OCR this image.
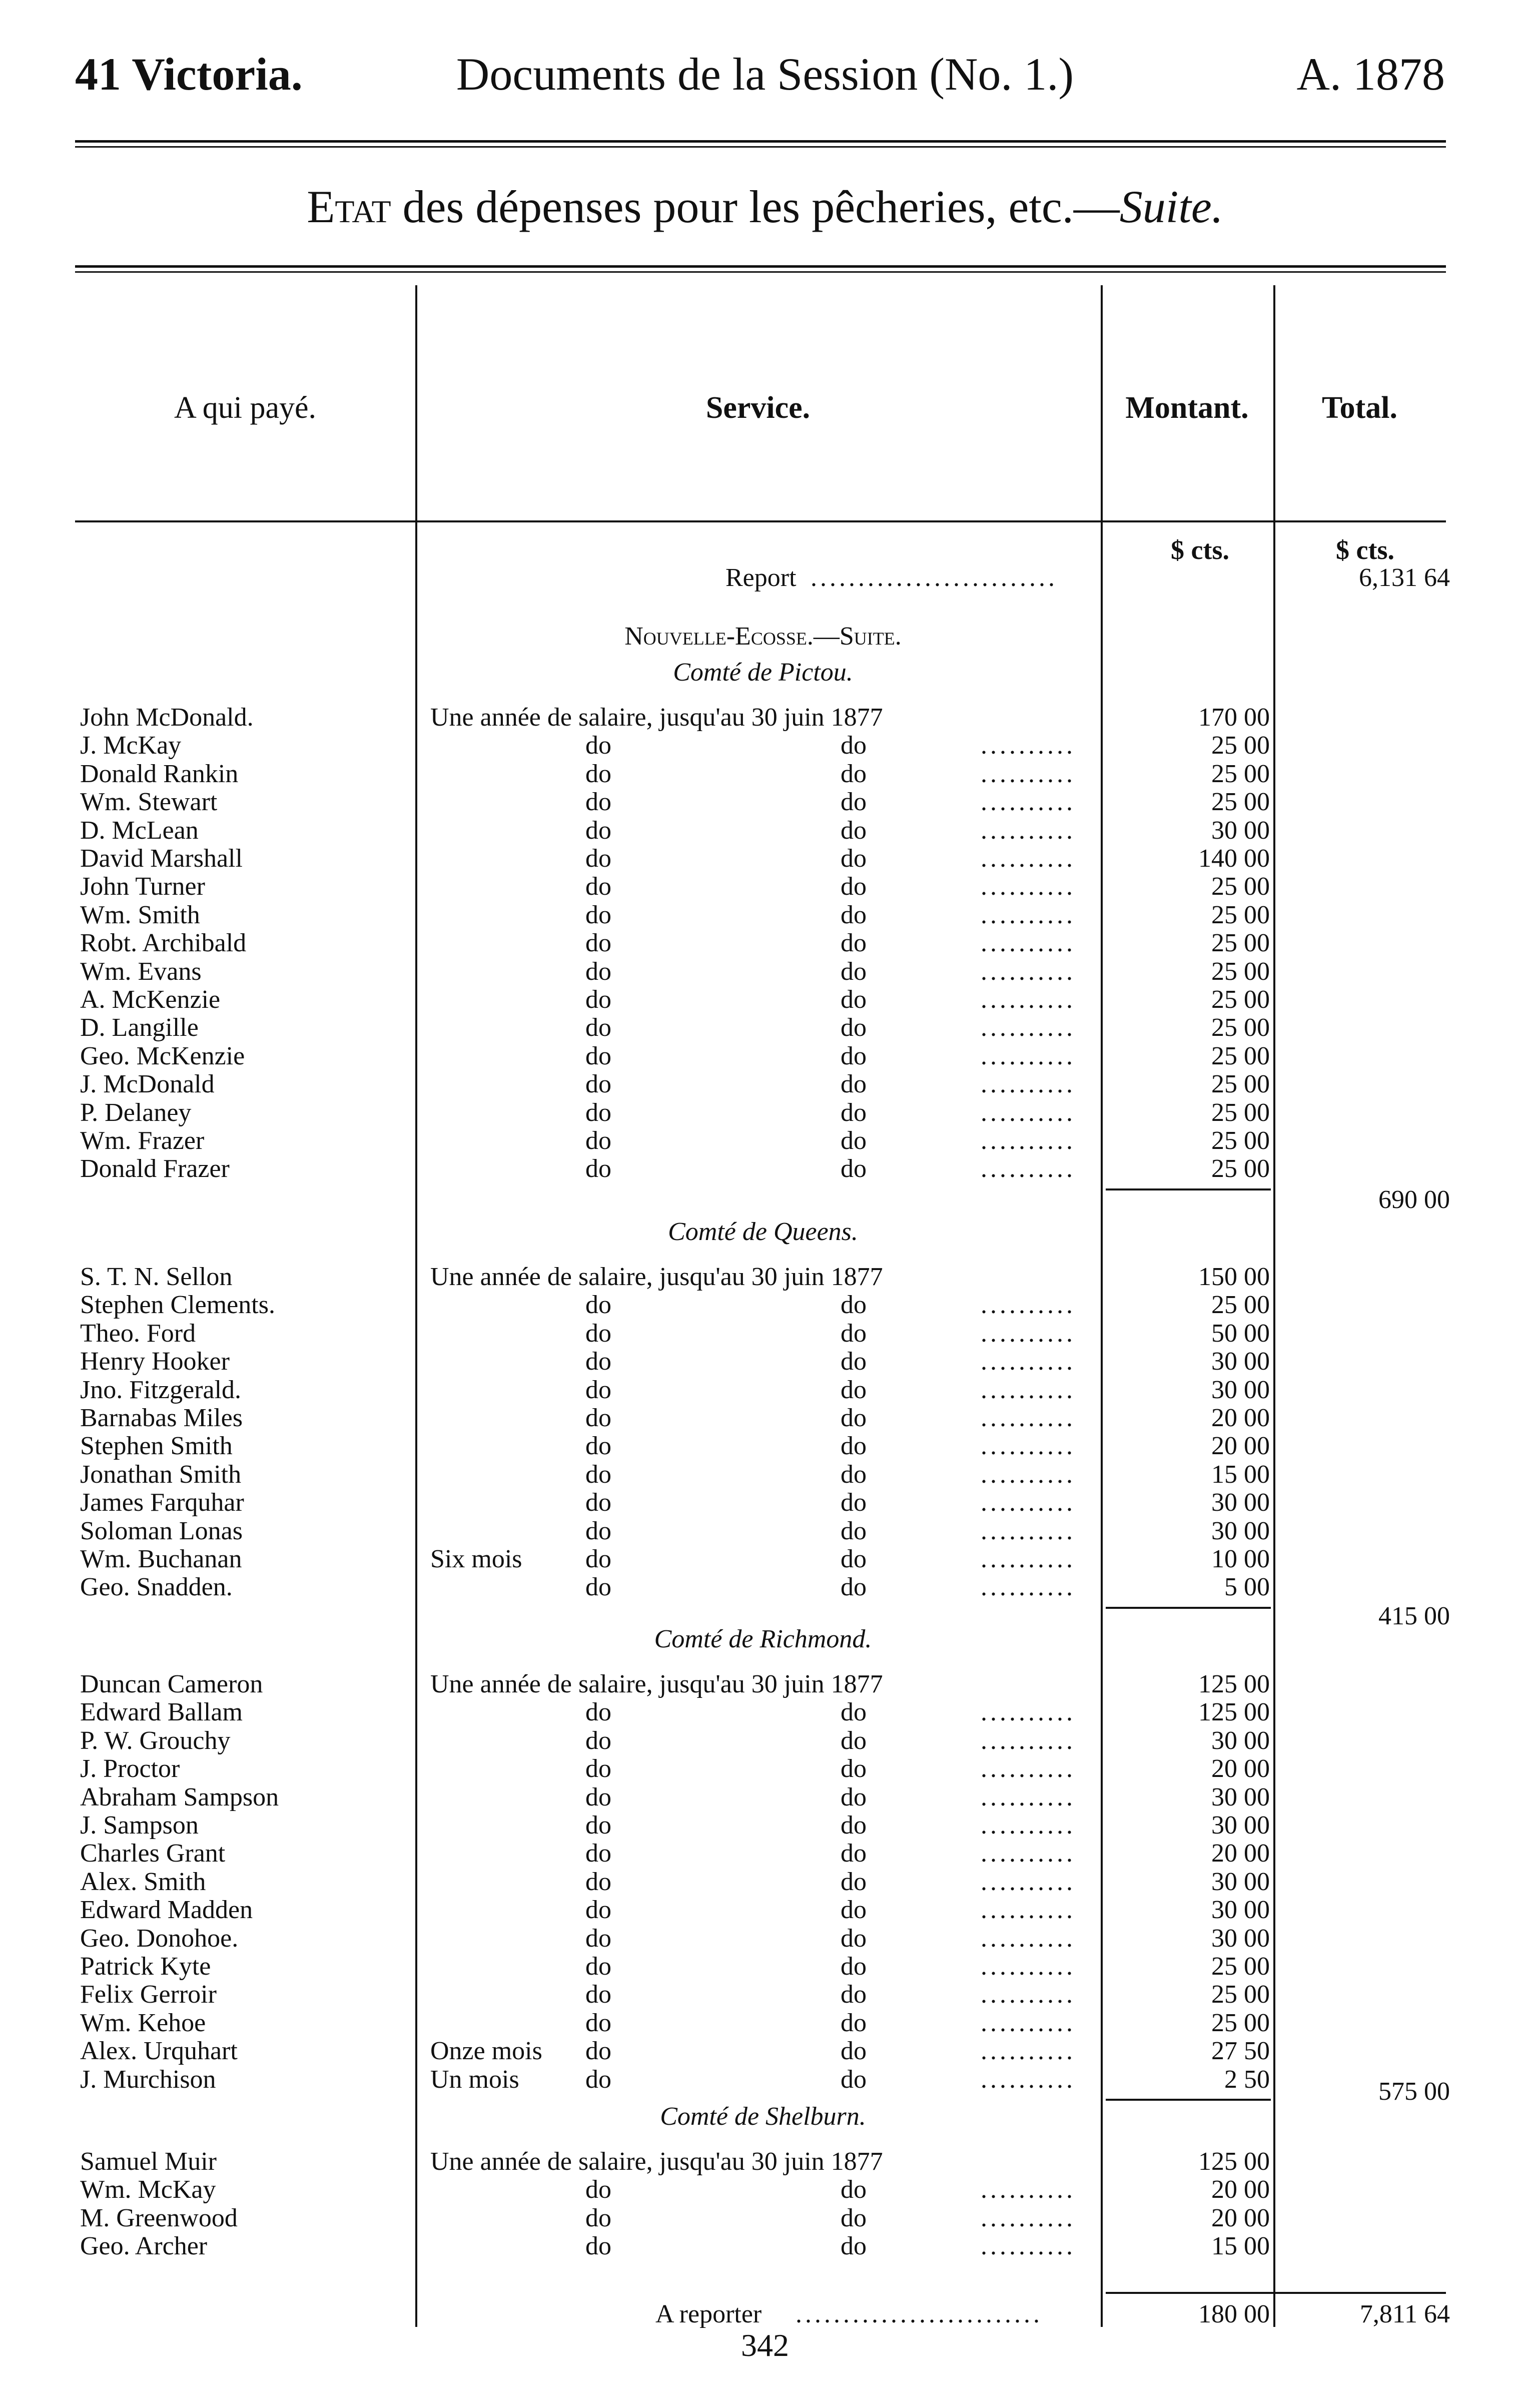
41 Victoria.	Documents de la Session (No. 1.)	A. 1878
Etat des dépenses pour les pêcheries, etc.—Suite.
A qui payé.	Service.	Montant.	Total.
$ cts.	$ cts.
Report ..........................	6,131 64
Nouvelle-Ecosse.—Suite.
Comté de Pictou.
John McDonald.	Une année de salaire, jusqu'au 30 juin 1877	170 00
J. McKay	do	do	..........	25 00
Donald Rankin	do	do	..........	25 00
Wm. Stewart	do	do	..........	25 00
D. McLean	do	do	..........	30 00
David Marshall	do	do	..........	140 00
John Turner	do	do	..........	25 00
Wm. Smith	do	do	..........	25 00
Robt. Archibald	do	do	..........	25 00
Wm. Evans	do	do	..........	25 00
A. McKenzie	do	do	..........	25 00
D. Langille	do	do	..........	25 00
Geo. McKenzie	do	do	..........	25 00
J. McDonald	do	do	..........	25 00
P. Delaney	do	do	..........	25 00
Wm. Frazer	do	do	..........	25 00
Donald Frazer	do	do	..........	25 00
690 00
Comté de Queens.
S. T. N. Sellon	Une année de salaire, jusqu'au 30 juin 1877	150 00
Stephen Clements.	do	do	..........	25 00
Theo. Ford	do	do	..........	50 00
Henry Hooker	do	do	..........	30 00
Jno. Fitzgerald.	do	do	..........	30 00
Barnabas Miles	do	do	..........	20 00
Stephen Smith	do	do	..........	20 00
Jonathan Smith	do	do	..........	15 00
James Farquhar	do	do	..........	30 00
Soloman Lonas	do	do	..........	30 00
Wm. Buchanan	Six mois do	do	..........	10 00
Geo. Snadden.	do	do	..........	5 00
415 00
Comté de Richmond.
Duncan Cameron	Une année de salaire, jusqu'au 30 juin 1877	125 00
Edward Ballam	do	do	..........	125 00
P. W. Grouchy	do	do	..........	30 00
J. Proctor	do	do	..........	20 00
Abraham Sampson	do	do	..........	30 00
J. Sampson	do	do	..........	30 00
Charles Grant	do	do	..........	20 00
Alex. Smith	do	do	..........	30 00
Edward Madden	do	do	..........	30 00
Geo. Donohoe.	do	do	..........	30 00
Patrick Kyte	do	do	..........	25 00
Felix Gerroir	do	do	..........	25 00
Wm. Kehoe	do	do	..........	25 00
Alex. Urquhart	Onze mois do	do	..........	27 50
J. Murchison	Un mois	do	do	..........	2 50	575 00
Comté de Shelburn.
Samuel Muir	Une année de salaire, jusqu'au 30 juin 1877	125 00
Wm. McKay	do	do	..........	20 00
M. Greenwood	do	do	..........	20 00
Geo. Archer	do	do	..........	15 00
A reporter ..........................	180 00	7,811 64
342
